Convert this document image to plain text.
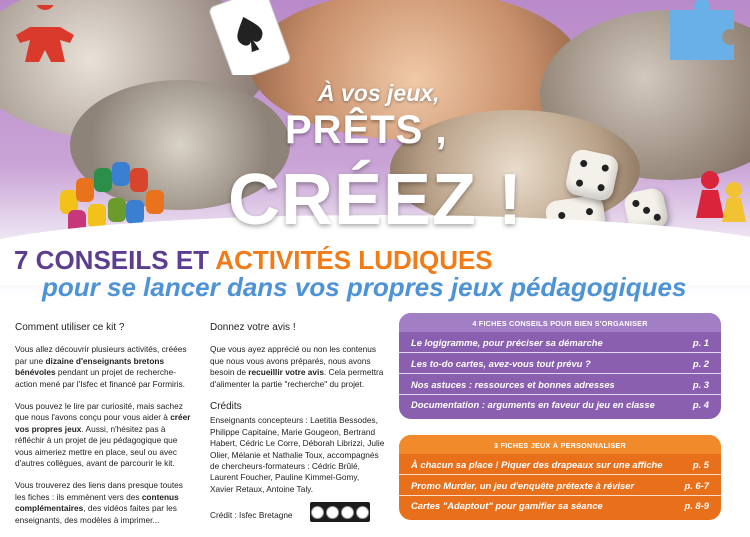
À vos jeux,
PRÊTS ,
CRÉEZ !
7 CONSEILS ET ACTIVITÉS LUDIQUES
pour se lancer dans vos propres jeux pédagogiques
Comment utiliser ce kit ?

Vous allez découvrir plusieurs activités, créées par une dizaine d'enseignants bretons bénévoles pendant un projet de recherche-action mené par l'Isfec et financé par Formiris.

Vous pouvez le lire par curiosité, mais sachez que nous l'avons conçu pour vous aider à créer vos propres jeux. Aussi, n'hésitez pas à réfléchir à un projet de jeu pédagogique que vous aimeriez mettre en place, seul ou avec d'autres collègues, avant de parcourir le kit.

Vous trouverez des liens dans presque toutes les fiches : ils emmènent vers des contenus complémentaires, des vidéos faites par les enseignants, des modèles à imprimer...

Donnez votre avis !

Que vous ayez apprécié ou non les contenus que nous vous avons préparés, nous avons besoin de recueillir votre avis. Cela permettra d'alimenter la partie "recherche" du projet.

Crédits

Enseignants concepteurs : Laetitia Bessodes, Philippe Capitaine, Marie Gougeon, Bertrand Habert, Cédric Le Corre, Déborah Librizzi, Julie Olier, Mélanie et Nathalie Toux, accompagnés de chercheurs-formateurs : Cédric Brûlé, Laurent Foucher, Pauline Kimmel-Gomy, Xavier Retaux, Antoine Taly.

Crédit : Isfec Bretagne
4 FICHES CONSEILS POUR BIEN S'ORGANISER
Le logigramme, pour préciser sa démarche	p. 1
Les to-do cartes, avez-vous tout prévu ?	p. 2
Nos astuces : ressources et bonnes adresses	p. 3
Documentation : arguments en faveur du jeu en classe	p. 4
3 FICHES JEUX À PERSONNALISER
À chacun sa place ! Piquer des drapeaux sur une affiche	p. 5
Promo Murder, un jeu d'enquête prétexte à réviser	p. 6-7
Cartes "Adaptout" pour gamifier sa séance	p. 8-9
